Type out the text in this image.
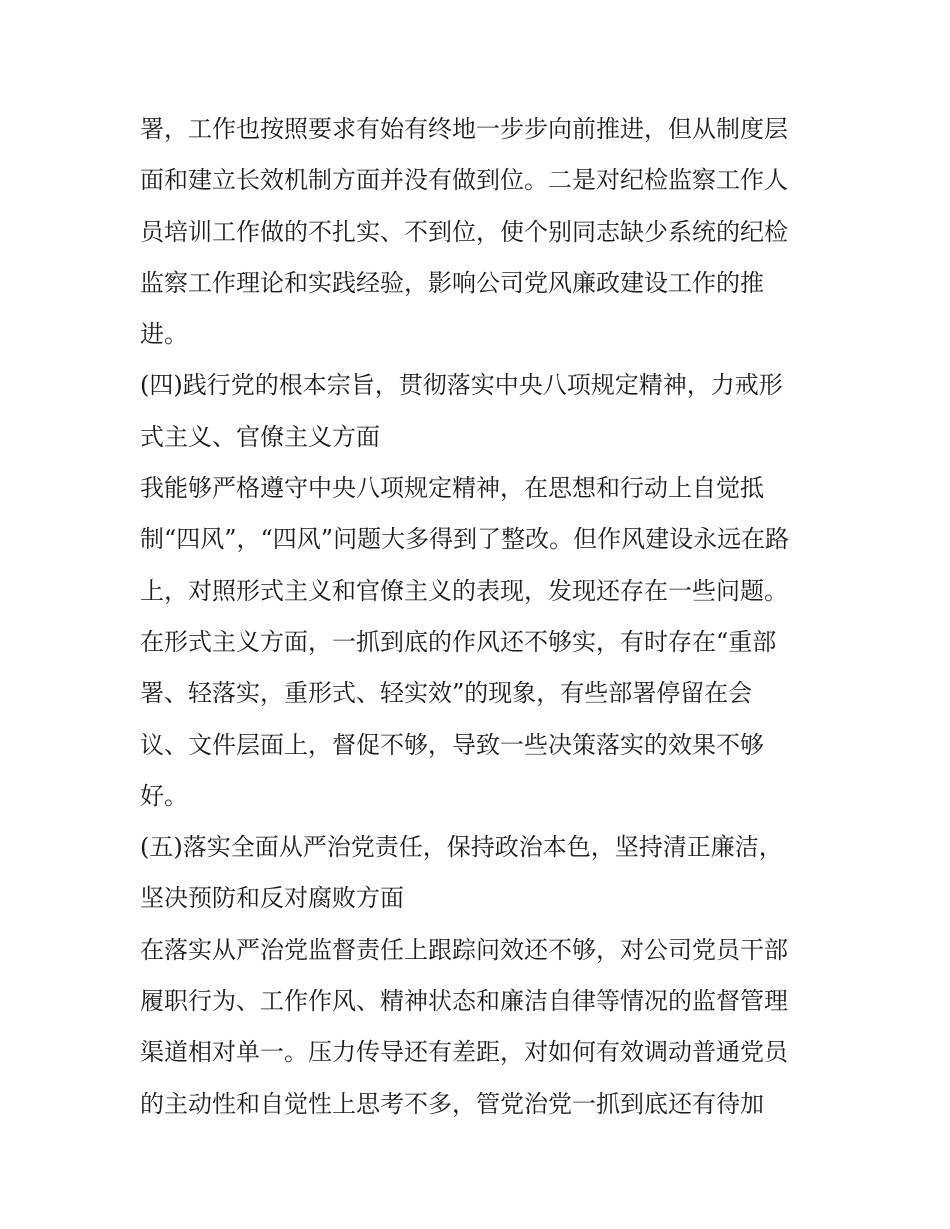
署，工作也按照要求有始有终地一步步向前推进，但从制度层
面和建立长效机制方面并没有做到位。二是对纪检监察工作人
员培训工作做的不扎实、不到位，使个别同志缺少系统的纪检
监察工作理论和实践经验，影响公司党风廉政建设工作的推
进。
(四)践行党的根本宗旨，贯彻落实中央八项规定精神，力戒形
式主义、官僚主义方面
我能够严格遵守中央八项规定精神，在思想和行动上自觉抵
制“四风”，“四风”问题大多得到了整改。但作风建设永远在路
上，对照形式主义和官僚主义的表现，发现还存在一些问题。
在形式主义方面，一抓到底的作风还不够实，有时存在“重部
署、轻落实，重形式、轻实效”的现象，有些部署停留在会
议、文件层面上，督促不够，导致一些决策落实的效果不够
好。
(五)落实全面从严治党责任，保持政治本色，坚持清正廉洁，
坚决预防和反对腐败方面
在落实从严治党监督责任上跟踪问效还不够，对公司党员干部
履职行为、工作作风、精神状态和廉洁自律等情况的监督管理
渠道相对单一。压力传导还有差距，对如何有效调动普通党员
的主动性和自觉性上思考不多，管党治党一抓到底还有待加
